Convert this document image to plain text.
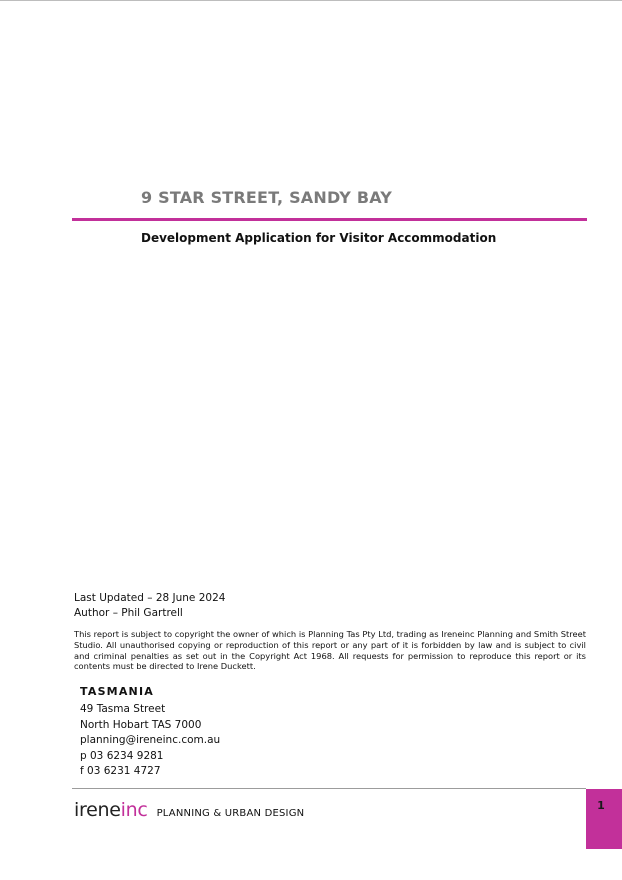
9 STAR STREET, SANDY BAY
Development Application for Visitor Accommodation
Last Updated – 28 June 2024
Author – Phil Gartrell
This report is subject to copyright the owner of which is Planning Tas Pty Ltd, trading as Ireneinc Planning and Smith Street Studio. All unauthorised copying or reproduction of this report or any part of it is forbidden by law and is subject to civil and criminal penalties as set out in the Copyright Act 1968. All requests for permission to reproduce this report or its contents must be directed to Irene Duckett.
TASMANIA
49 Tasma Street
North Hobart TAS 7000
planning@ireneinc.com.au
p 03 6234 9281
f 03 6231 4727
ireneinc PLANNING & URBAN DESIGN
1
